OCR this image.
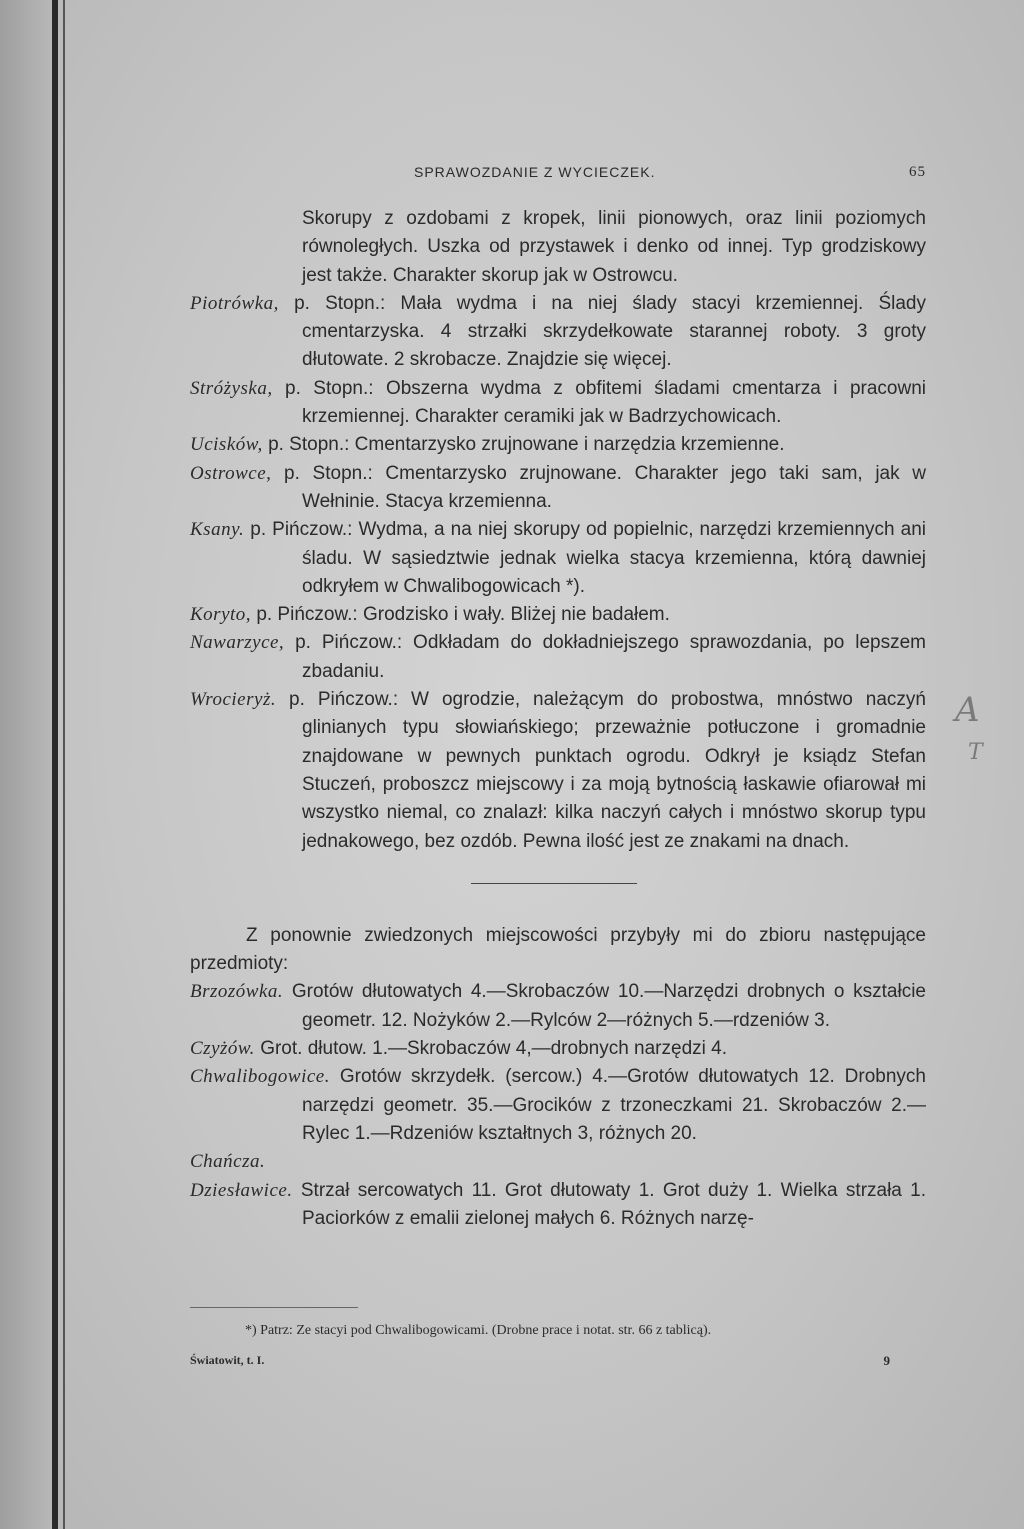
SPRAWOZDANIE Z WYCIECZEK.	65

Skorupy z ozdobami z kropek, linii pionowych, oraz linii poziomych równoległych. Uszka od przystawek i denko od innej. Typ grodziskowy jest także. Charakter skorup jak w Ostrowcu.

Piotrówka, p. Stopn.: Mała wydma i na niej ślady stacyi krzemiennej. Ślady cmentarzyska. 4 strzałki skrzydełkowate starannej roboty. 3 groty dłutowate. 2 skrobacze. Znajdzie się więcej.

Stróżyska, p. Stopn.: Obszerna wydma z obfitemi śladami cmentarza i pracowni krzemiennej. Charakter ceramiki jak w Badrzychowicach.

Ucisków, p. Stopn.: Cmentarzysko zrujnowane i narzędzia krzemienne.

Ostrowce, p. Stopn.: Cmentarzysko zrujnowane. Charakter jego taki sam, jak w Wełninie. Stacya krzemienna.

Ksany. p. Pińczow.: Wydma, a na niej skorupy od popielnic, narzędzi krzemiennych ani śladu. W sąsiedztwie jednak wielka stacya krzemienna, którą dawniej odkryłem w Chwalibogowicach *).

Koryto, p. Pińczow.: Grodzisko i wały. Bliżej nie badałem.

Nawarzyce, p. Pińczow.: Odkładam do dokładniejszego sprawozdania, po lepszem zbadaniu.

Wrocieryż. p. Pińczow.: W ogrodzie, należącym do probostwa, mnóstwo naczyń glinianych typu słowiańskiego; przeważnie potłuczone i gromadnie znajdowane w pewnych punktach ogrodu. Odkrył je ksiądz Stefan Stuczeń, proboszcz miejscowy i za moją bytnością łaskawie ofiarował mi wszystko niemal, co znalazł: kilka naczyń całych i mnóstwo skorup typu jednakowego, bez ozdób. Pewna ilość jest ze znakami na dnach.

Z ponownie zwiedzonych miejscowości przybyły mi do zbioru następujące przedmioty:

Brzozówka. Grotów dłutowatych 4.—Skrobaczów 10.—Narzędzi drobnych o kształcie geometr. 12. Nożyków 2.—Rylców 2—różnych 5.—rdzeniów 3.

Czyżów. Grot. dłutow. 1.—Skrobaczów 4,—drobnych narzędzi 4.

Chwalibogowice. Grotów skrzydełk. (sercow.) 4.—Grotów dłutowatych 12. Drobnych narzędzi geometr. 35.—Grocików z trzoneczkami 21. Skrobaczów 2.—Rylec 1.—Rdzeniów kształtnych 3, różnych 20.

Chańcza.

Dziesławice. Strzał sercowatych 11. Grot dłutowaty 1. Grot duży 1. Wielka strzała 1. Paciorków z emalii zielonej małych 6. Różnych narzę-

*) Patrz: Ze stacyi pod Chwalibogowicami. (Drobne prace i notat. str. 66 z tablicą).
Światowit, t. I.	9
A
T
